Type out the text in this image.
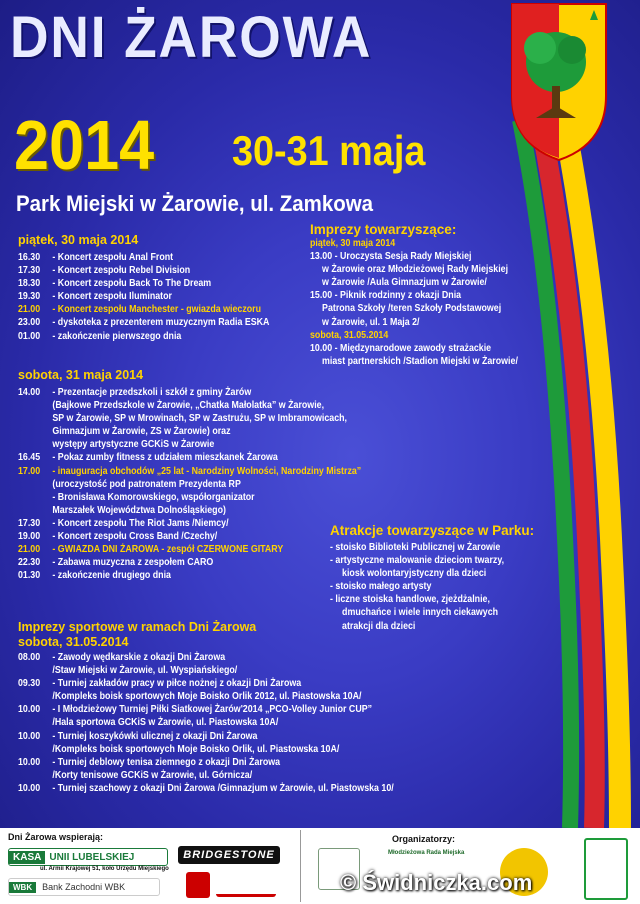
DNI ŻAROWA
2014 30-31 maja
Park Miejski w Żarowie, ul. Zamkowa
piątek, 30 maja 2014
16.30	- Koncert zespołu Anal Front
17.30	- Koncert zespołu Rebel Division
18.30	- Koncert zespołu Back To The Dream
19.30	- Koncert zespołu Iluminator
21.00	- Koncert zespołu Manchester - gwiazda wieczoru
23.00	- dyskoteka z prezenterem muzycznym Radia ESKA
01.00	- zakończenie pierwszego dnia
sobota, 31 maja 2014
14.00	- Prezentacje przedszkoli i szkół z gminy Żarów
(Bajkowe Przedszkole w Żarowie, „Chatka Małolatka” w Żarowie,
SP w Żarowie, SP w Mrowinach, SP w Zastrużu, SP w Imbramowicach,
Gimnazjum w Żarowie, ZS w Żarowie) oraz
występy artystyczne GCKiS w Żarowie
16.45	- Pokaz zumby fitness z udziałem mieszkanek Żarowa
17.00	- inauguracja obchodów „25 lat - Narodziny Wolności, Narodziny Mistrza”
(uroczystość pod patronatem Prezydenta RP
- Bronisława Komorowskiego, współorganizator
Marszałek Województwa Dolnośląskiego)
17.30	- Koncert zespołu The Riot Jams /Niemcy/
19.00	- Koncert zespołu Cross Band /Czechy/
21.00	- GWIAZDA DNI ŻAROWA - zespół CZERWONE GITARY
22.30	- Zabawa muzyczna z zespołem CARO
01.30	- zakończenie drugiego dnia
Imprezy towarzyszące:
piątek, 30 maja 2014
13.00 - Uroczysta Sesja Rady Miejskiej
w Żarowie oraz Młodzieżowej Rady Miejskiej
w Żarowie /Aula Gimnazjum w Żarowie/
15.00 - Piknik rodzinny z okazji Dnia
Patrona Szkoły /teren Szkoły Podstawowej
w Żarowie, ul. 1 Maja 2/
sobota, 31.05.2014
10.00 - Międzynarodowe zawody strażackie
miast partnerskich /Stadion Miejski w Żarowie/
Atrakcje towarzyszące w Parku:
- stoisko Biblioteki Publicznej w Żarowie
- artystyczne malowanie dzieciom twarzy,
kiosk wolontaryjstyczny dla dzieci
- stoisko małego artysty
- liczne stoiska handlowe, zjeżdżalnie,
dmuchańce i wiele innych ciekawych
atrakcji dla dzieci
Imprezy sportowe w ramach Dni Żarowa
sobota, 31.05.2014
08.00	- Zawody wędkarskie z okazji Dni Żarowa
/Staw Miejski w Żarowie, ul. Wyspiańskiego/
09.30	- Turniej zakładów pracy w piłce nożnej z okazji Dni Żarowa
/Kompleks boisk sportowych Moje Boisko Orlik 2012, ul. Piastowska 10A/
10.00	- I Młodzieżowy Turniej Piłki Siatkowej Żarów'2014 „PCO-Volley Junior CUP”
/Hala sportowa GCKiS w Żarowie, ul. Piastowska 10A/
10.00	- Turniej koszykówki ulicznej z okazji Dni Żarowa
/Kompleks boisk sportowych Moje Boisko Orlik, ul. Piastowska 10A/
10.00	- Turniej deblowy tenisa ziemnego z okazji Dni Żarowa
/Korty tenisowe GCKiS w Żarowie, ul. Górnicza/
10.00	- Turniej szachowy z okazji Dni Żarowa /Gimnazjum w Żarowie, ul. Piastowska 10/
Dni Żarowa wspierają:
KASA UNII LUBELSKIEJ
ul. Armii Krajowej 51, koło Urzędu Miejskiego
WBK	Bank Zachodni WBK
BRIDGESTONE
Organizatorzy:
Młodzieżowa Rada Miejska
© Świdniczka.com
